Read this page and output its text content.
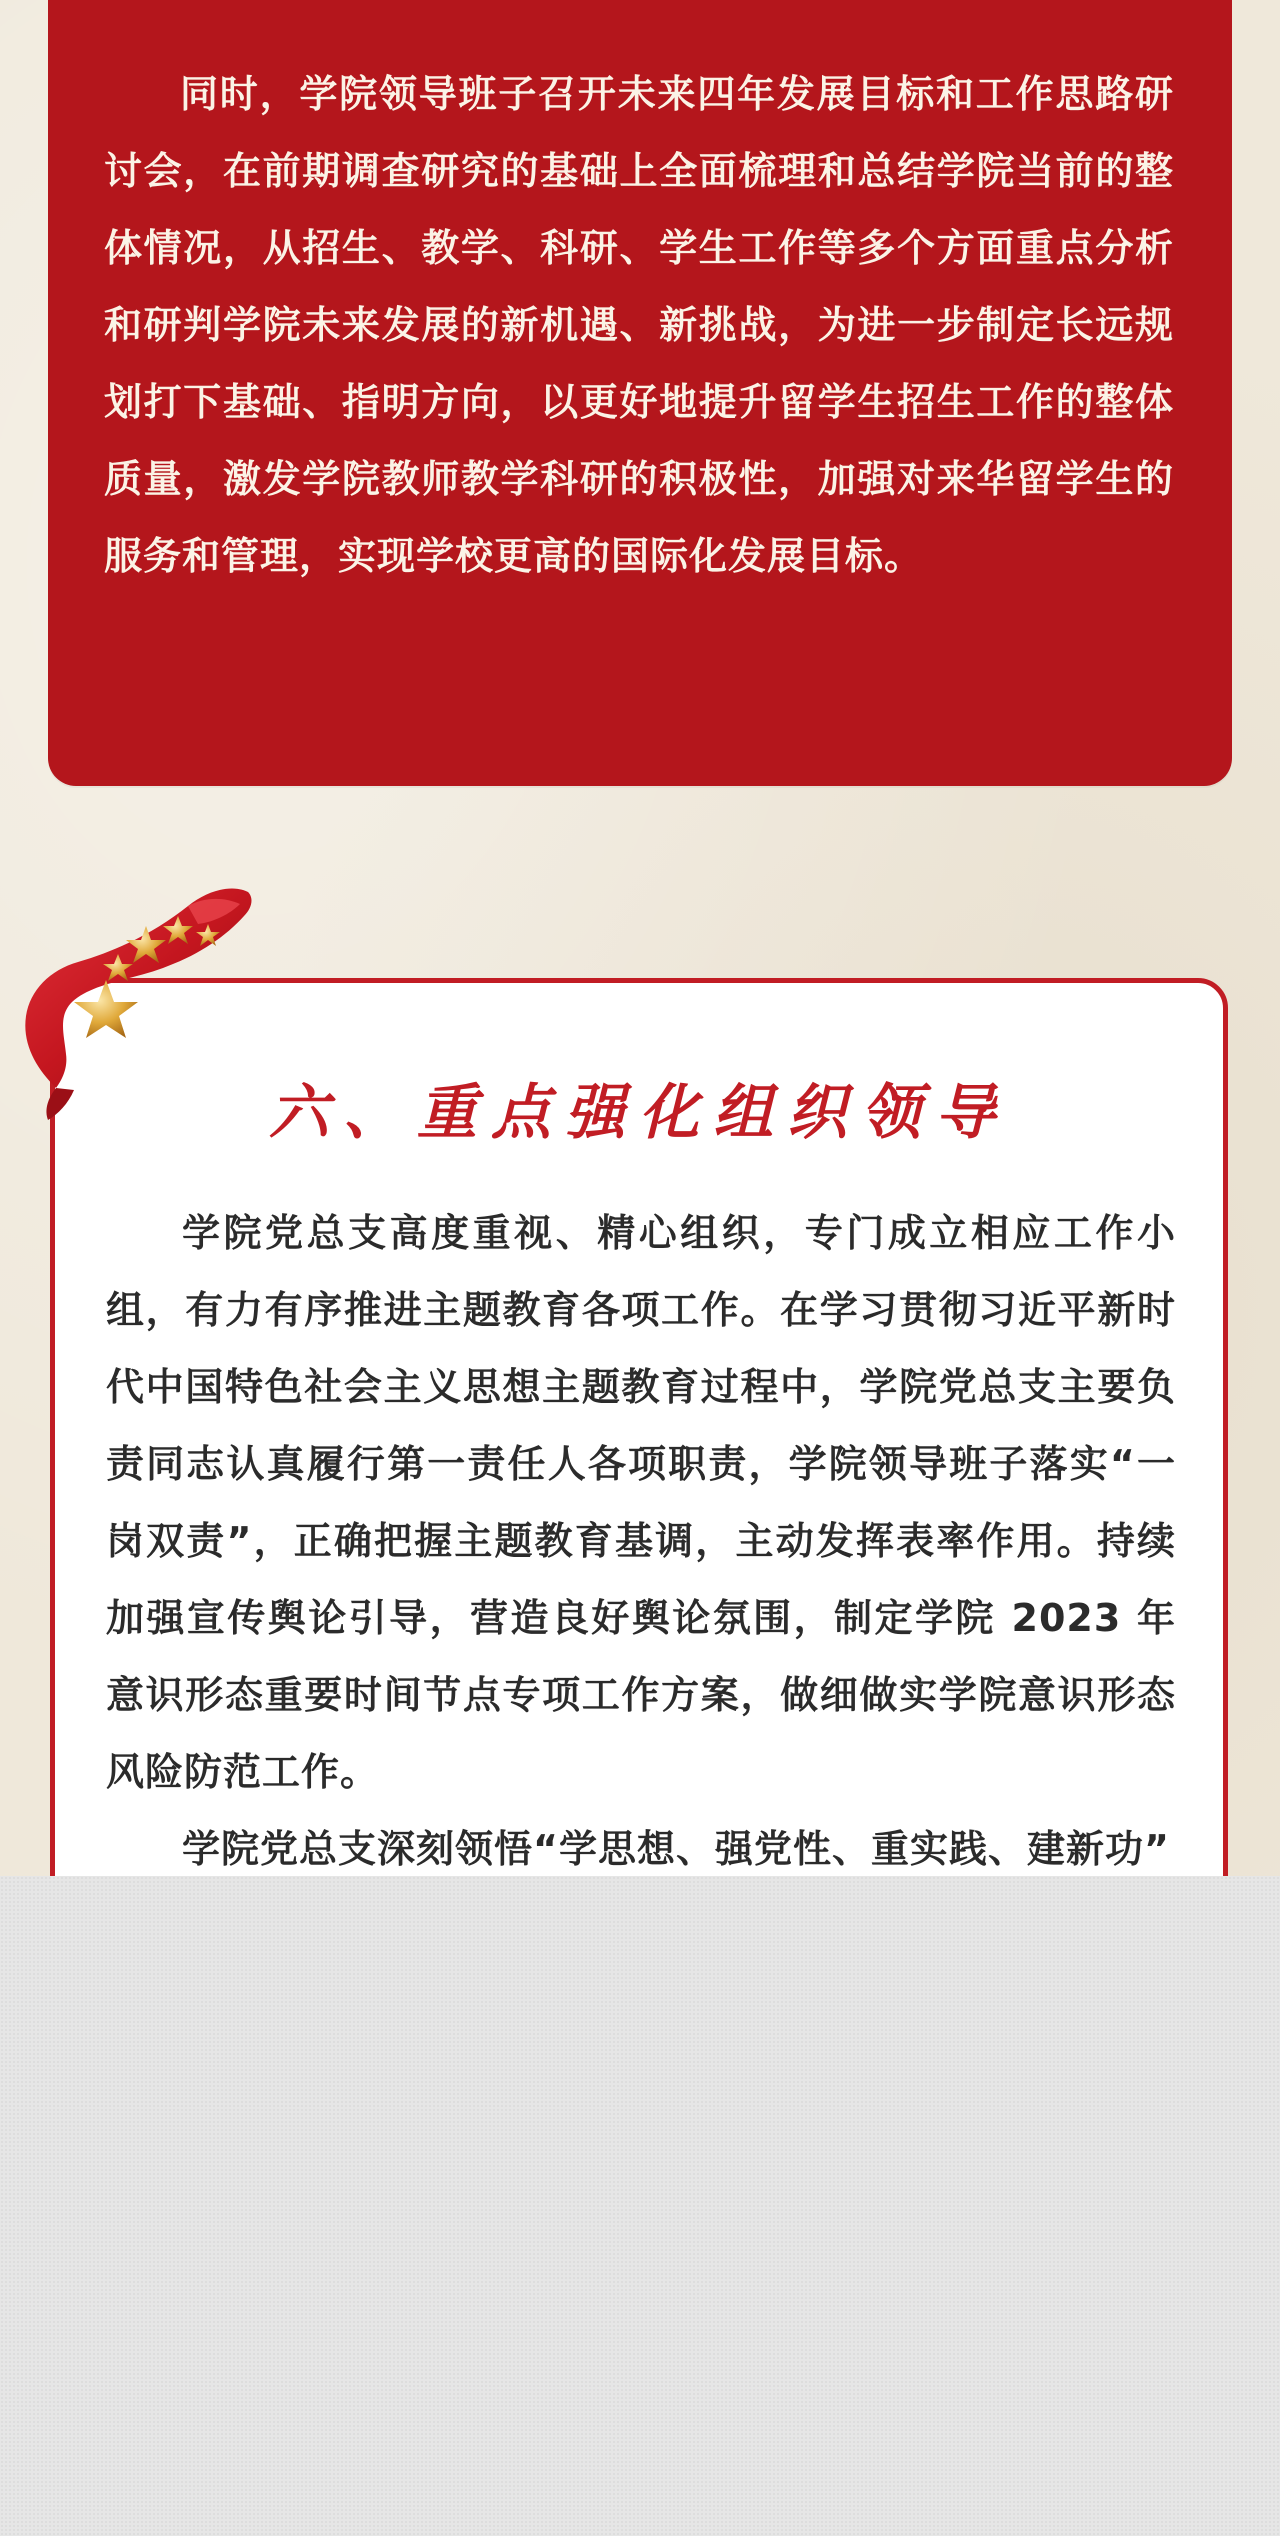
同时，学院领导班子召开未来四年发展目标和工作思路研讨会，在前期调查研究的基础上全面梳理和总结学院当前的整体情况，从招生、教学、科研、学生工作等多个方面重点分析和研判学院未来发展的新机遇、新挑战，为进一步制定长远规划打下基础、指明方向，以更好地提升留学生招生工作的整体质量，激发学院教师教学科研的积极性，加强对来华留学生的服务和管理，实现学校更高的国际化发展目标。

六、重点强化组织领导

学院党总支高度重视、精心组织，专门成立相应工作小组，有力有序推进主题教育各项工作。在学习贯彻习近平新时代中国特色社会主义思想主题教育过程中，学院党总支主要负责同志认真履行第一责任人各项职责，学院领导班子落实“一岗双责”，正确把握主题教育基调，主动发挥表率作用。持续加强宣传舆论引导，营造良好舆论氛围，制定学院 2023 年意识形态重要时间节点专项工作方案，做细做实学院意识形态风险防范工作。

学院党总支深刻领悟“学思想、强党性、重实践、建新功”
